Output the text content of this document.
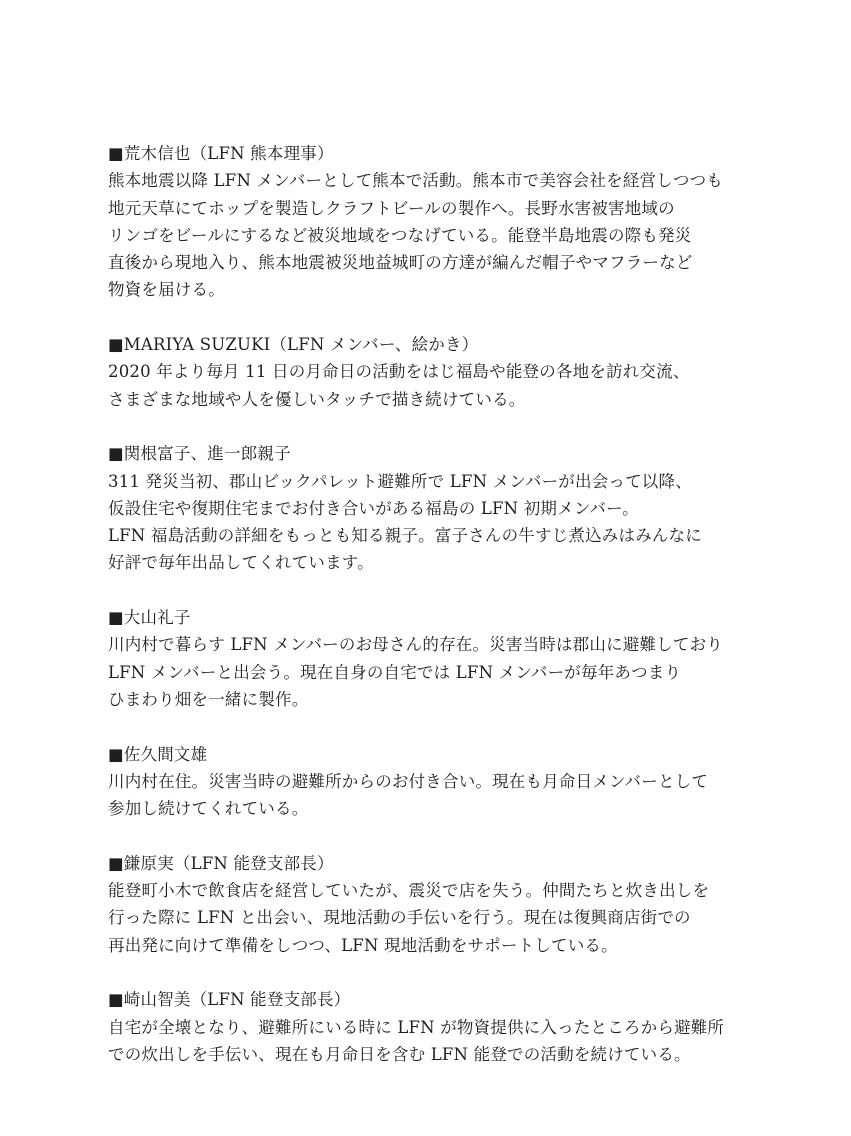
■荒木信也（LFN 熊本理事）
熊本地震以降 LFN メンバーとして熊本で活動。熊本市で美容会社を経営しつつも
地元天草にてホップを製造しクラフトビールの製作へ。長野水害被害地域の
リンゴをビールにするなど被災地域をつなげている。能登半島地震の際も発災
直後から現地入り、熊本地震被災地益城町の方達が編んだ帽子やマフラーなど
物資を届ける。
■MARIYA SUZUKI（LFN メンバー、絵かき）
2020 年より毎月 11 日の月命日の活動をはじ福島や能登の各地を訪れ交流、
さまざまな地域や人を優しいタッチで描き続けている。
■関根富子、進一郎親子
311 発災当初、郡山ビックパレット避難所で LFN メンバーが出会って以降、
仮設住宅や復期住宅までお付き合いがある福島の LFN 初期メンバー。
LFN 福島活動の詳細をもっとも知る親子。富子さんの牛すじ煮込みはみんなに
好評で毎年出品してくれています。
■大山礼子
川内村で暮らす LFN メンバーのお母さん的存在。災害当時は郡山に避難しており
LFN メンバーと出会う。現在自身の自宅では LFN メンバーが毎年あつまり
ひまわり畑を一緒に製作。
■佐久間文雄
川内村在住。災害当時の避難所からのお付き合い。現在も月命日メンバーとして
参加し続けてくれている。
■鎌原実（LFN 能登支部長）
能登町小木で飲食店を経営していたが、震災で店を失う。仲間たちと炊き出しを
行った際に LFN と出会い、現地活動の手伝いを行う。現在は復興商店街での
再出発に向けて準備をしつつ、LFN 現地活動をサポートしている。
■崎山智美（LFN 能登支部長）
自宅が全壊となり、避難所にいる時に LFN が物資提供に入ったところから避難所
での炊出しを手伝い、現在も月命日を含む LFN 能登での活動を続けている。
